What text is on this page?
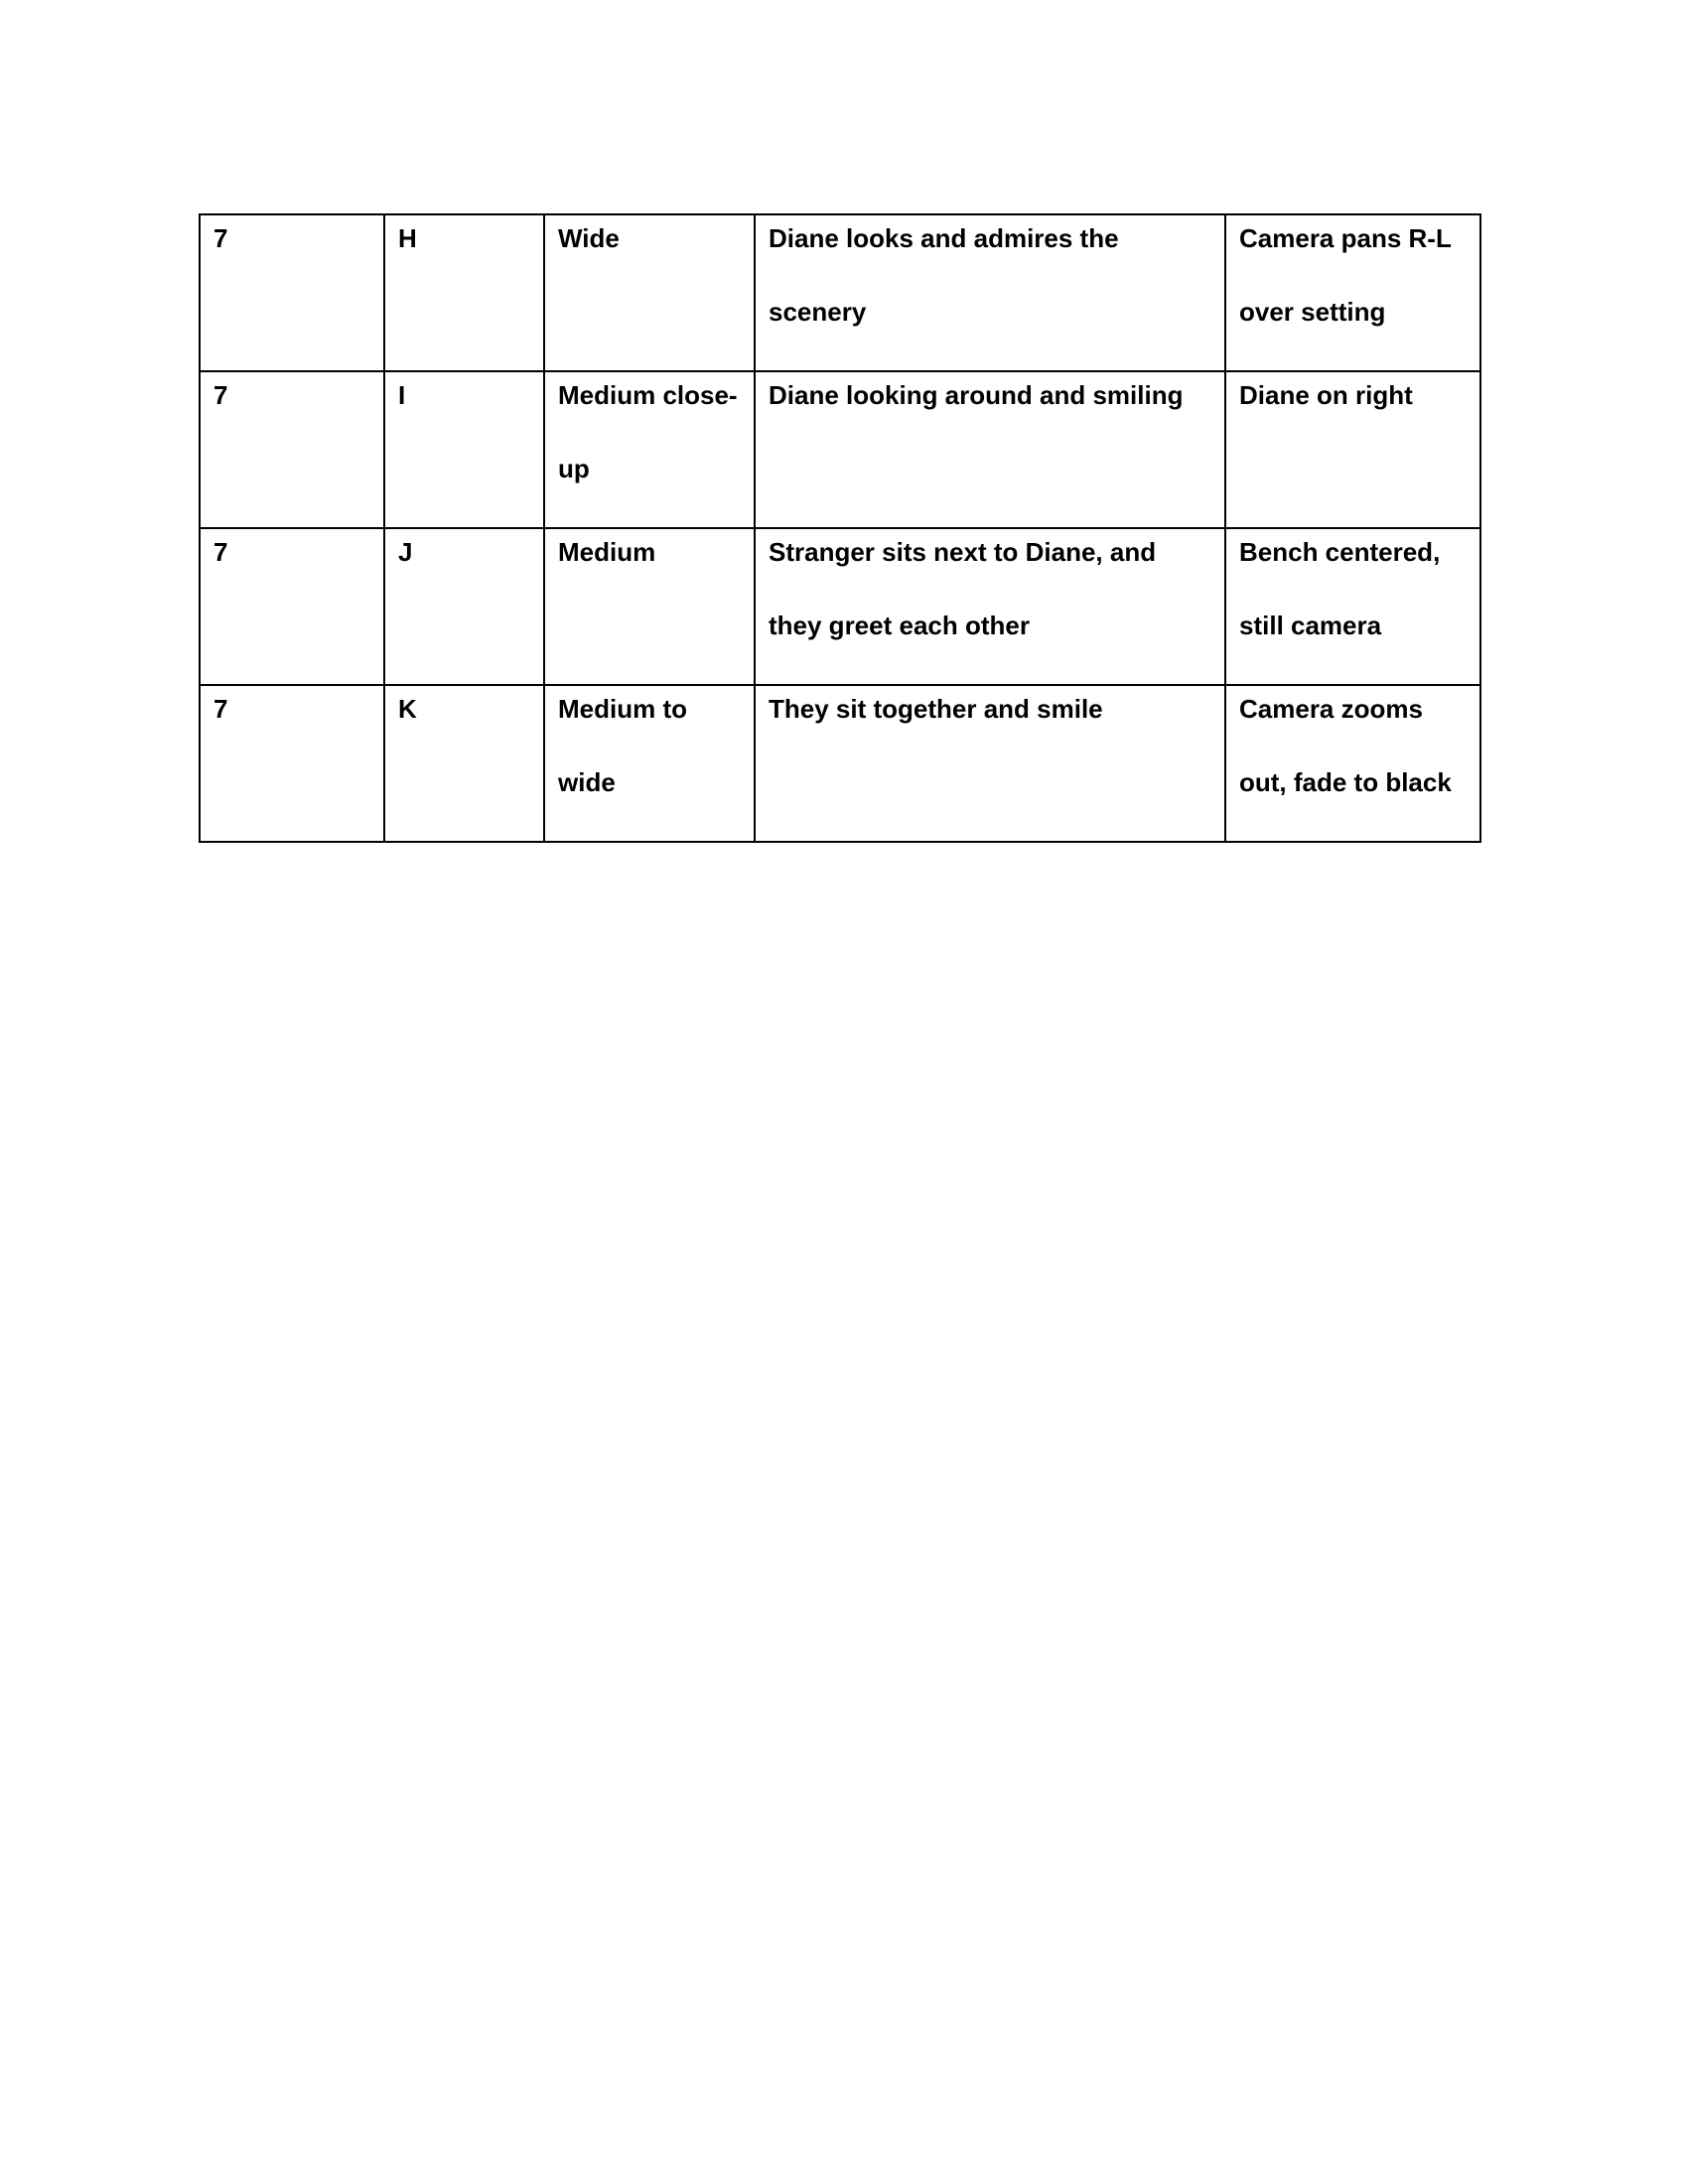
7	H	Wide	Diane looks and admires the scenery	Camera pans R-L over setting

7	I	Medium close-up	Diane looking around and smiling	Diane on right

7	J	Medium	Stranger sits next to Diane, and they greet each other	Bench centered, still camera

7	K	Medium to wide	They sit together and smile	Camera zooms out, fade to black
